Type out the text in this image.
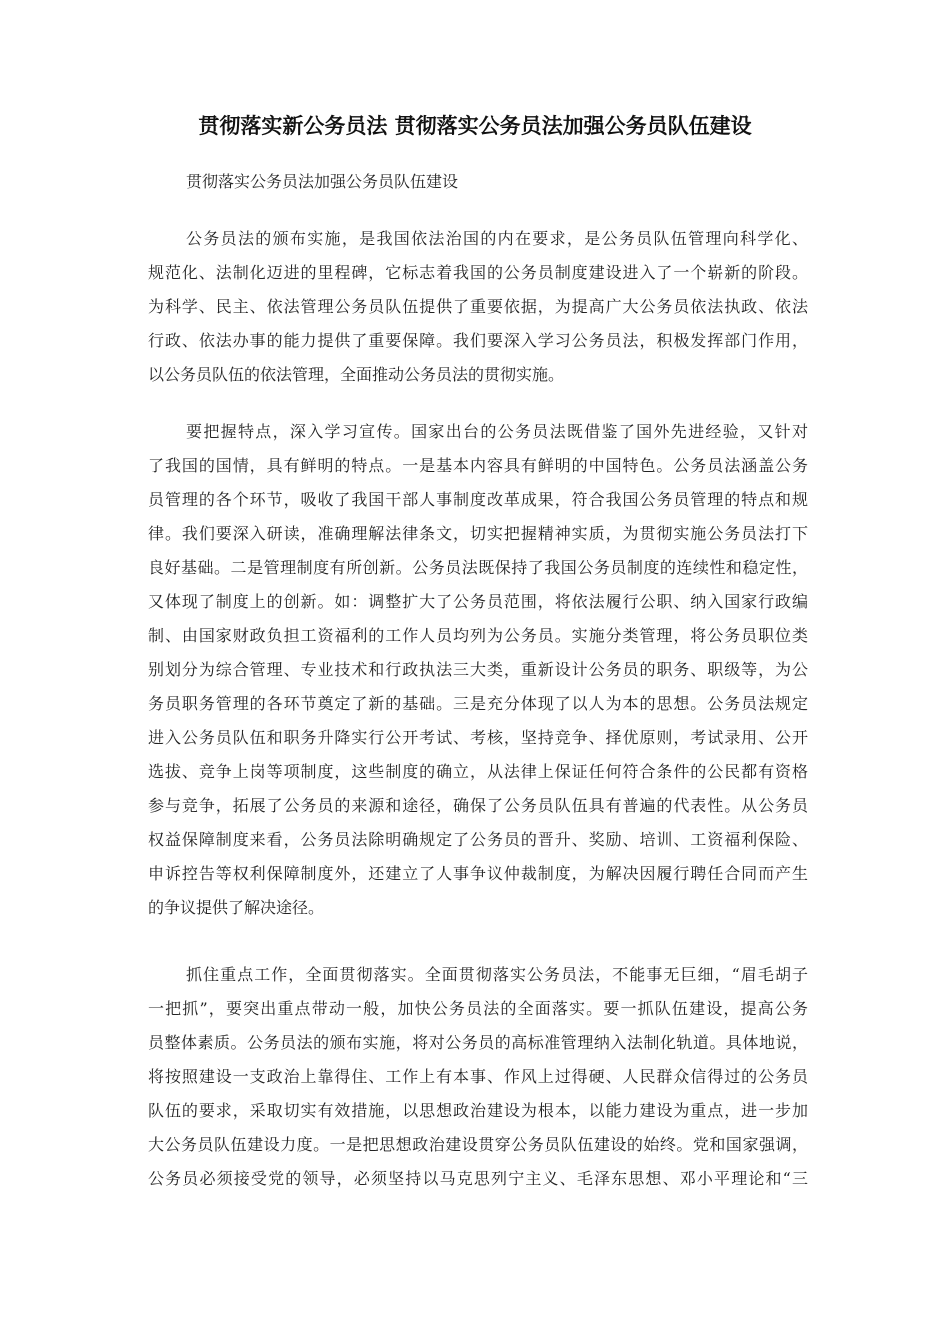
贯彻落实新公务员法 贯彻落实公务员法加强公务员队伍建设
贯彻落实公务员法加强公务员队伍建设
公务员法的颁布实施，是我国依法治国的内在要求，是公务员队伍管理向科学化、
规范化、法制化迈进的里程碑，它标志着我国的公务员制度建设进入了一个崭新的阶段。
为科学、民主、依法管理公务员队伍提供了重要依据，为提高广大公务员依法执政、依法
行政、依法办事的能力提供了重要保障。我们要深入学习公务员法，积极发挥部门作用，
以公务员队伍的依法管理，全面推动公务员法的贯彻实施。
要把握特点，深入学习宣传。国家出台的公务员法既借鉴了国外先进经验，又针对
了我国的国情，具有鲜明的特点。一是基本内容具有鲜明的中国特色。公务员法涵盖公务
员管理的各个环节，吸收了我国干部人事制度改革成果，符合我国公务员管理的特点和规
律。我们要深入研读，准确理解法律条文，切实把握精神实质，为贯彻实施公务员法打下
良好基础。二是管理制度有所创新。公务员法既保持了我国公务员制度的连续性和稳定性，
又体现了制度上的创新。如：调整扩大了公务员范围，将依法履行公职、纳入国家行政编
制、由国家财政负担工资福利的工作人员均列为公务员。实施分类管理，将公务员职位类
别划分为综合管理、专业技术和行政执法三大类，重新设计公务员的职务、职级等，为公
务员职务管理的各环节奠定了新的基础。三是充分体现了以人为本的思想。公务员法规定
进入公务员队伍和职务升降实行公开考试、考核，坚持竞争、择优原则，考试录用、公开
选拔、竞争上岗等项制度，这些制度的确立，从法律上保证任何符合条件的公民都有资格
参与竞争，拓展了公务员的来源和途径，确保了公务员队伍具有普遍的代表性。从公务员
权益保障制度来看，公务员法除明确规定了公务员的晋升、奖励、培训、工资福利保险、
申诉控告等权利保障制度外，还建立了人事争议仲裁制度，为解决因履行聘任合同而产生
的争议提供了解决途径。
抓住重点工作，全面贯彻落实。全面贯彻落实公务员法，不能事无巨细，“眉毛胡子
一把抓”，要突出重点带动一般，加快公务员法的全面落实。要一抓队伍建设，提高公务
员整体素质。公务员法的颁布实施，将对公务员的高标准管理纳入法制化轨道。具体地说，
将按照建设一支政治上靠得住、工作上有本事、作风上过得硬、人民群众信得过的公务员
队伍的要求，采取切实有效措施，以思想政治建设为根本，以能力建设为重点，进一步加
大公务员队伍建设力度。一是把思想政治建设贯穿公务员队伍建设的始终。党和国家强调，
公务员必须接受党的领导，必须坚持以马克思列宁主义、毛泽东思想、邓小平理论和“三
